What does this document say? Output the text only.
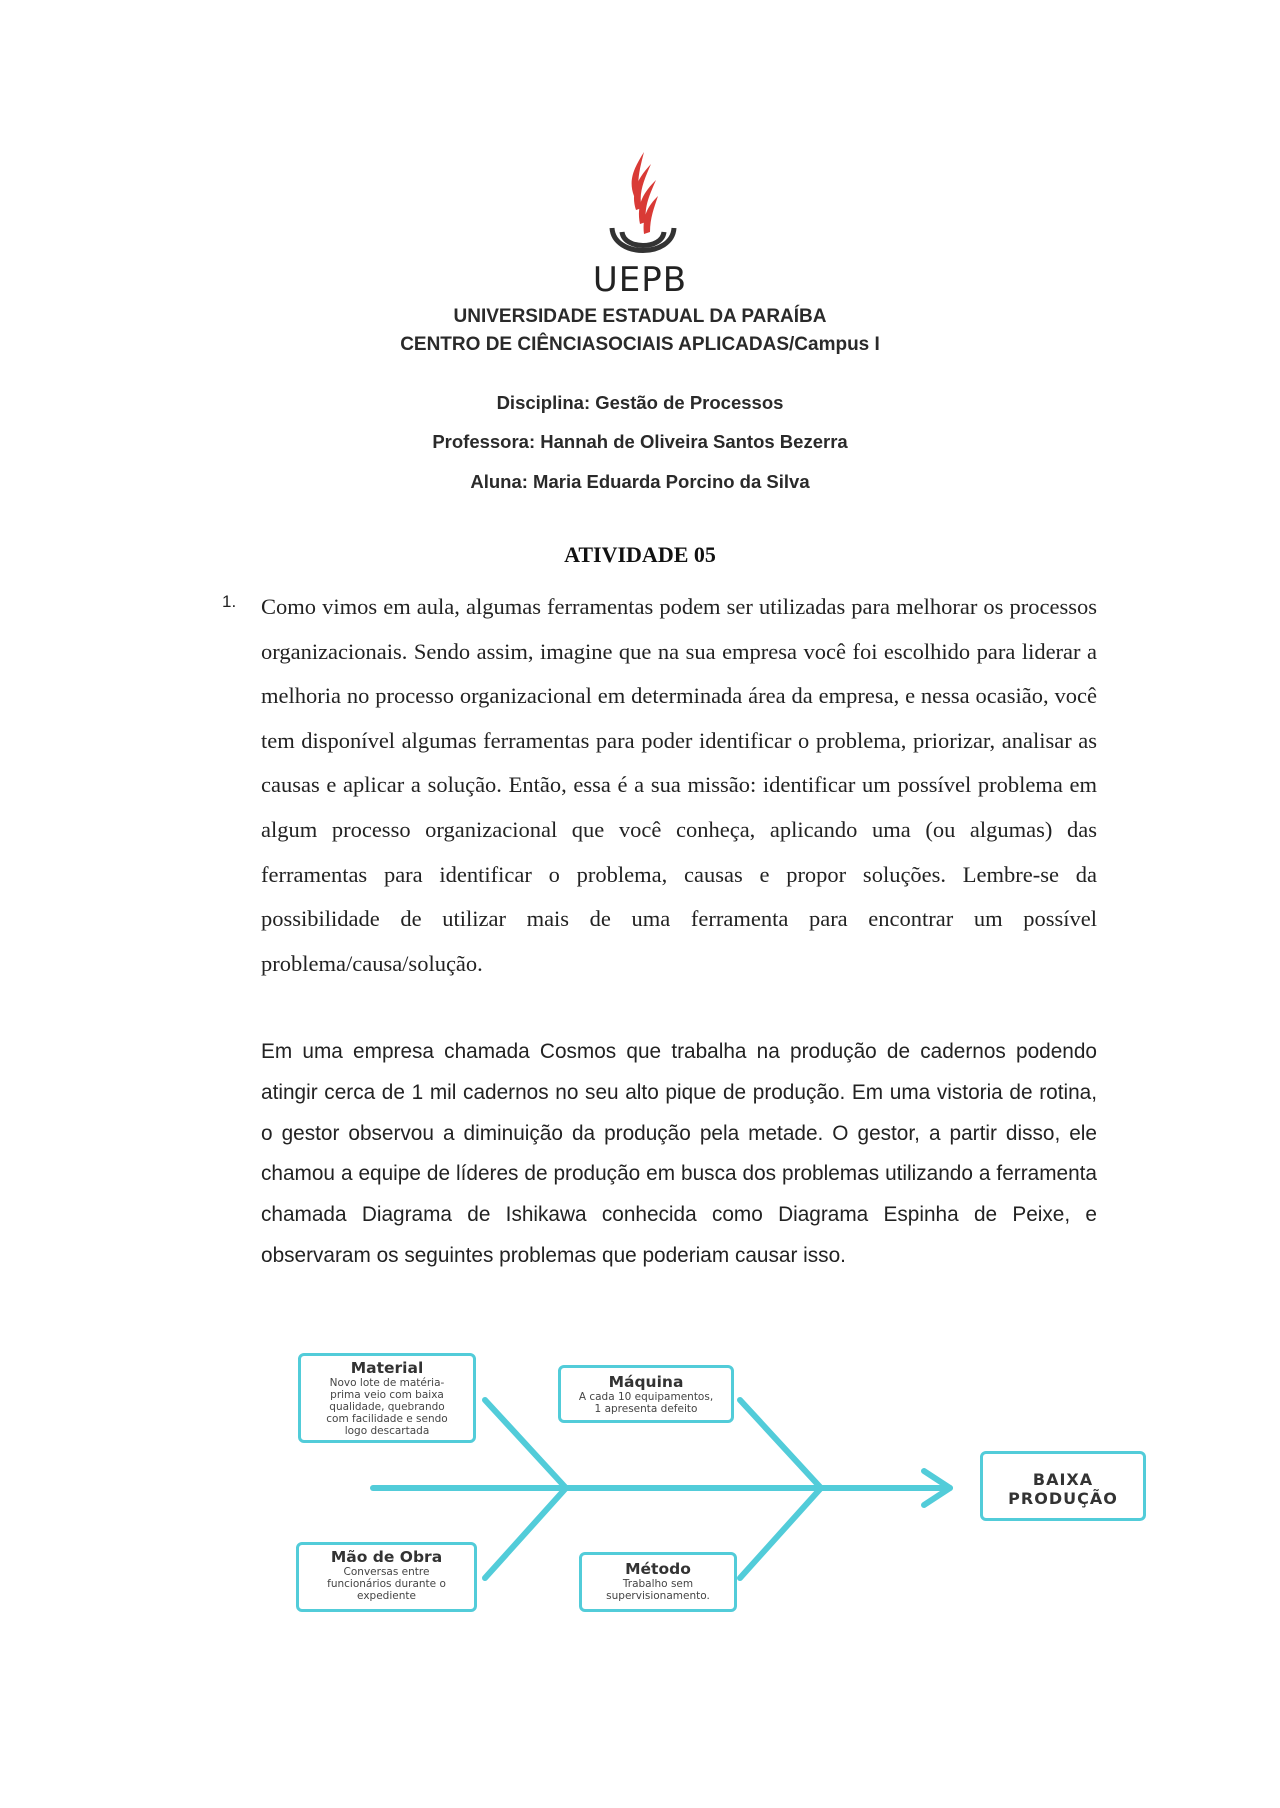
UEPB
UNIVERSIDADE ESTADUAL DA PARAÍBA
CENTRO DE CIÊNCIASOCIAIS APLICADAS/Campus I
Disciplina: Gestão de Processos
Professora: Hannah de Oliveira Santos Bezerra
Aluna: Maria Eduarda Porcino da Silva
ATIVIDADE 05
1. Como vimos em aula, algumas ferramentas podem ser utilizadas para melhorar os processos organizacionais. Sendo assim, imagine que na sua empresa você foi escolhido para liderar a melhoria no processo organizacional em determinada área da empresa, e nessa ocasião, você tem disponível algumas ferramentas para poder identificar o problema, priorizar, analisar as causas e aplicar a solução. Então, essa é a sua missão: identificar um possível problema em algum processo organizacional que você conheça, aplicando uma (ou algumas) das ferramentas para identificar o problema, causas e propor soluções. Lembre-se da possibilidade de utilizar mais de uma ferramenta para encontrar um possível problema/causa/solução.

Em uma empresa chamada Cosmos que trabalha na produção de cadernos podendo atingir cerca de 1 mil cadernos no seu alto pique de produção. Em uma vistoria de rotina, o gestor observou a diminuição da produção pela metade. O gestor, a partir disso, ele chamou a equipe de líderes de produção em busca dos problemas utilizando a ferramenta chamada Diagrama de Ishikawa conhecida como Diagrama Espinha de Peixe, e observaram os seguintes problemas que poderiam causar isso.

Material
Novo lote de matéria-
prima veio com baixa
qualidade, quebrando
com facilidade e sendo
logo descartada
Máquina
A cada 10 equipamentos,
1 apresenta defeito
Mão de Obra
Conversas entre
funcionários durante o
expediente
Método
Trabalho sem
supervisionamento.
BAIXA
PRODUÇÃO
